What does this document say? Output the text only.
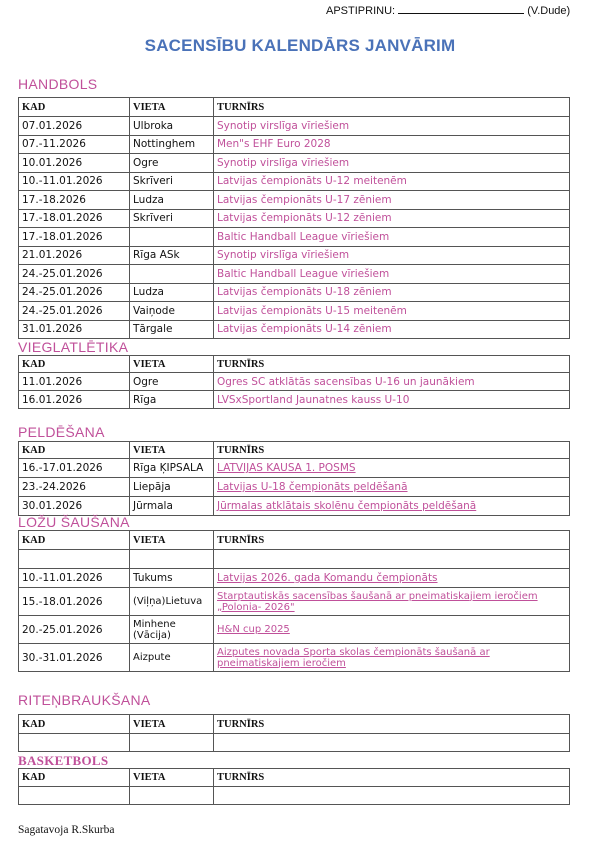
APSTIPRINU:	(V.Dude)
SACENSĪBU KALENDĀRS JANVĀRIM
HANDBOLS
KAD	VIETA	TURNĪRS
07.01.2026	Ulbroka	Synotip virslīga vīriešiem
07.-11.2026	Nottinghem	Men"s EHF Euro 2028
10.01.2026	Ogre	Synotip virslīga vīriešiem
10.-11.01.2026	Skrīveri	Latvijas čempionāts U-12 meitenēm
17.-18.2026	Ludza	Latvijas čempionāts U-17 zēniem
17.-18.01.2026	Skrīveri	Latvijas čempionāts U-12 zēniem
17.-18.01.2026		Baltic Handball League vīriešiem
21.01.2026	Rīga ASk	Synotip virslīga vīriešiem
24.-25.01.2026		Baltic Handball League vīriešiem
24.-25.01.2026	Ludza	Latvijas čempionāts U-18 zēniem
24.-25.01.2026	Vaiņode	Latvijas čempionāts U-15 meitenēm
31.01.2026	Tārgale	Latvijas čempionāts U-14 zēniem
VIEGLATLĒTIKA
KAD	VIETA	TURNĪRS
11.01.2026	Ogre	Ogres SC atklātās sacensības U-16 un jaunākiem
16.01.2026	Rīga	LVSxSportland Jaunatnes kauss U-10
PELDĒŠANA
KAD	VIETA	TURNĪRS
16.-17.01.2026	Rīga ĶIPSALA	LATVIJAS KAUSA 1. POSMS
23.-24.2026	Liepāja	Latvijas U-18 čempionāts peldēšanā
30.01.2026	Jūrmala	Jūrmalas atklātais skolēnu čempionāts peldēšanā
LOŽU ŠAUŠANA
KAD	VIETA	TURNĪRS

10.-11.01.2026	Tukums	Latvijas 2026. gada Komandu čempionāts
15.-18.01.2026	(Viļņa)Lietuva	Starptautiskās sacensības šaušanā ar pneimatiskajiem ieročiem „Polonia- 2026"
20.-25.01.2026	Minhene (Vācija)	H&N cup 2025
30.-31.01.2026	Aizpute	Aizputes novada Sporta skolas čempionāts šaušanā ar pneimatiskajiem ieročiem
RITEŅBRAUKŠANA
KAD	VIETA	TURNĪRS

BASKETBOLS
KAD	VIETA	TURNĪRS

Sagatavoja R.Skurba
